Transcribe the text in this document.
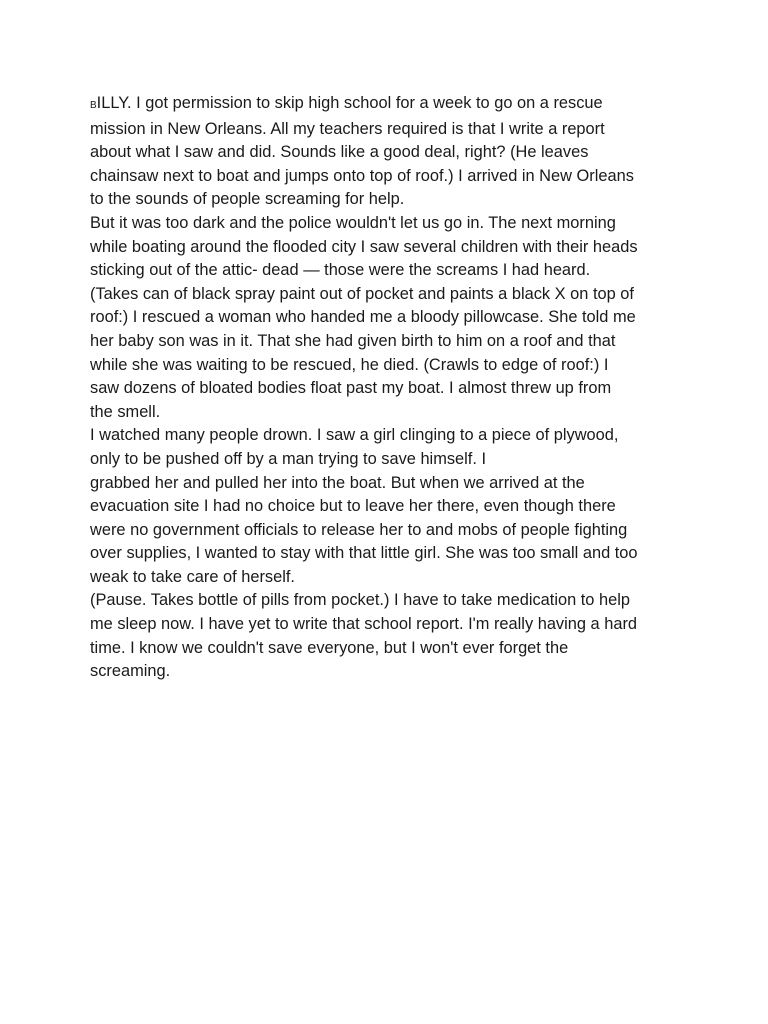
BILLY. I got permission to skip high school for a week to go on a rescue
mission in New Orleans. All my teachers required is that I write a report
about what I saw and did. Sounds like a good deal, right? (He leaves
chainsaw next to boat and jumps onto top of roof.) I arrived in New Orleans
to the sounds of people screaming for help.
But it was too dark and the police wouldn't let us go in. The next morning
while boating around the flooded city I saw several children with their heads
sticking out of the attic- dead — those were the screams I had heard.
(Takes can of black spray paint out of pocket and paints a black X on top of
roof:) I rescued a woman who handed me a bloody pillowcase. She told me
her baby son was in it. That she had given birth to him on a roof and that
while she was waiting to be rescued, he died. (Crawls to edge of roof:) I
saw dozens of bloated bodies float past my boat. I almost threw up from
the smell.
I watched many people drown. I saw a girl clinging to a piece of plywood,
only to be pushed off by a man trying to save himself. I
grabbed her and pulled her into the boat. But when we arrived at the
evacuation site I had no choice but to leave her there, even though there
were no government officials to release her to and mobs of people fighting
over supplies, I wanted to stay with that little girl. She was too small and too
weak to take care of herself.
(Pause. Takes bottle of pills from pocket.) I have to take medication to help
me sleep now. I have yet to write that school report. I'm really having a hard
time. I know we couldn't save everyone, but I won't ever forget the
screaming.
